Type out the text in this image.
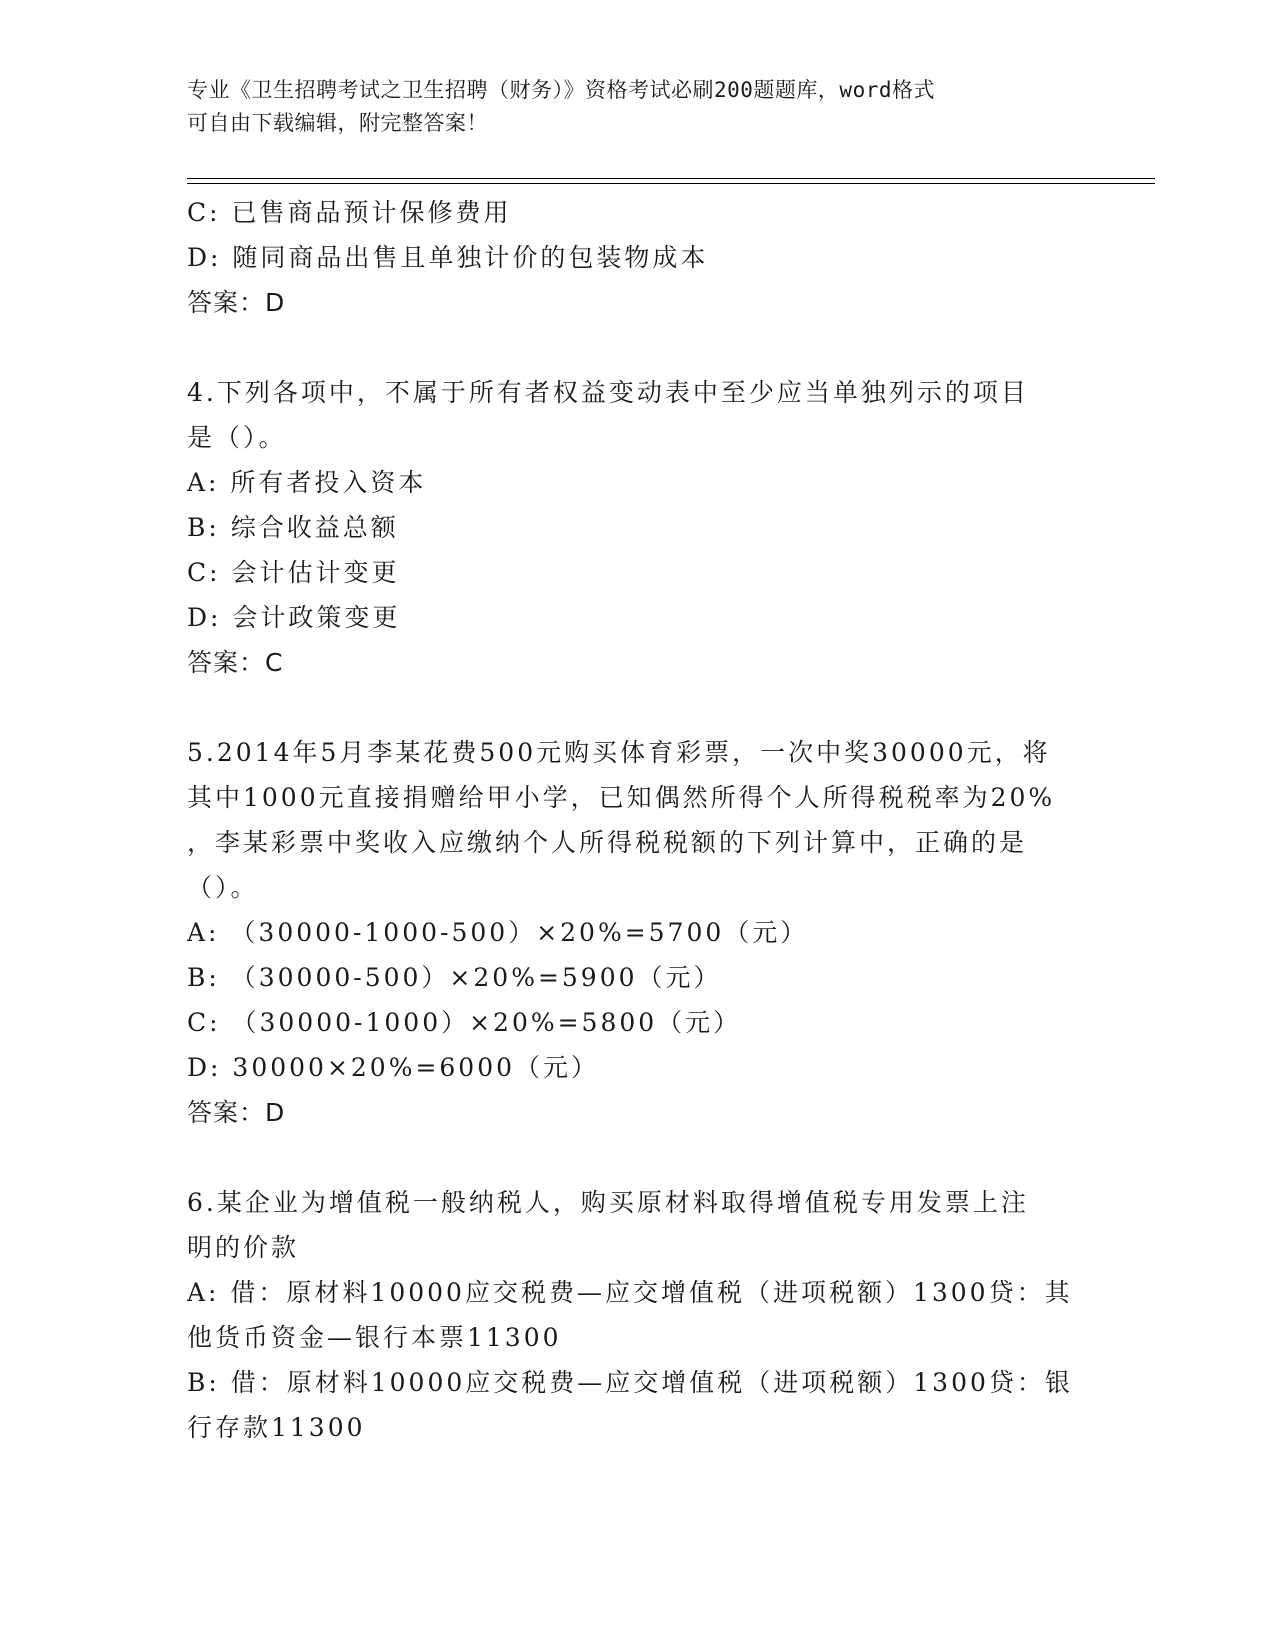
专业《卫生招聘考试之卫生招聘（财务）》资格考试必刷200题题库，word格式
可自由下载编辑，附完整答案！
C: 已售商品预计保修费用
D: 随同商品出售且单独计价的包装物成本
答案：D
4.下列各项中，不属于所有者权益变动表中至少应当单独列示的项目
是（）。
A: 所有者投入资本
B: 综合收益总额
C: 会计估计变更
D: 会计政策变更
答案：C
5.2014年5月李某花费500元购买体育彩票，一次中奖30000元，将
其中1000元直接捐赠给甲小学，已知偶然所得个人所得税税率为20%
，李某彩票中奖收入应缴纳个人所得税税额的下列计算中，正确的是
（）。
A: （30000-1000-500）×20%=5700（元）
B: （30000-500）×20%=5900（元）
C: （30000-1000）×20%=5800（元）
D: 30000×20%=6000（元）
答案：D
6.某企业为增值税一般纳税人，购买原材料取得增值税专用发票上注
明的价款
A: 借：原材料10000应交税费—应交增值税（进项税额）1300贷：其
他货币资金—银行本票11300
B: 借：原材料10000应交税费—应交增值税（进项税额）1300贷：银
行存款11300
